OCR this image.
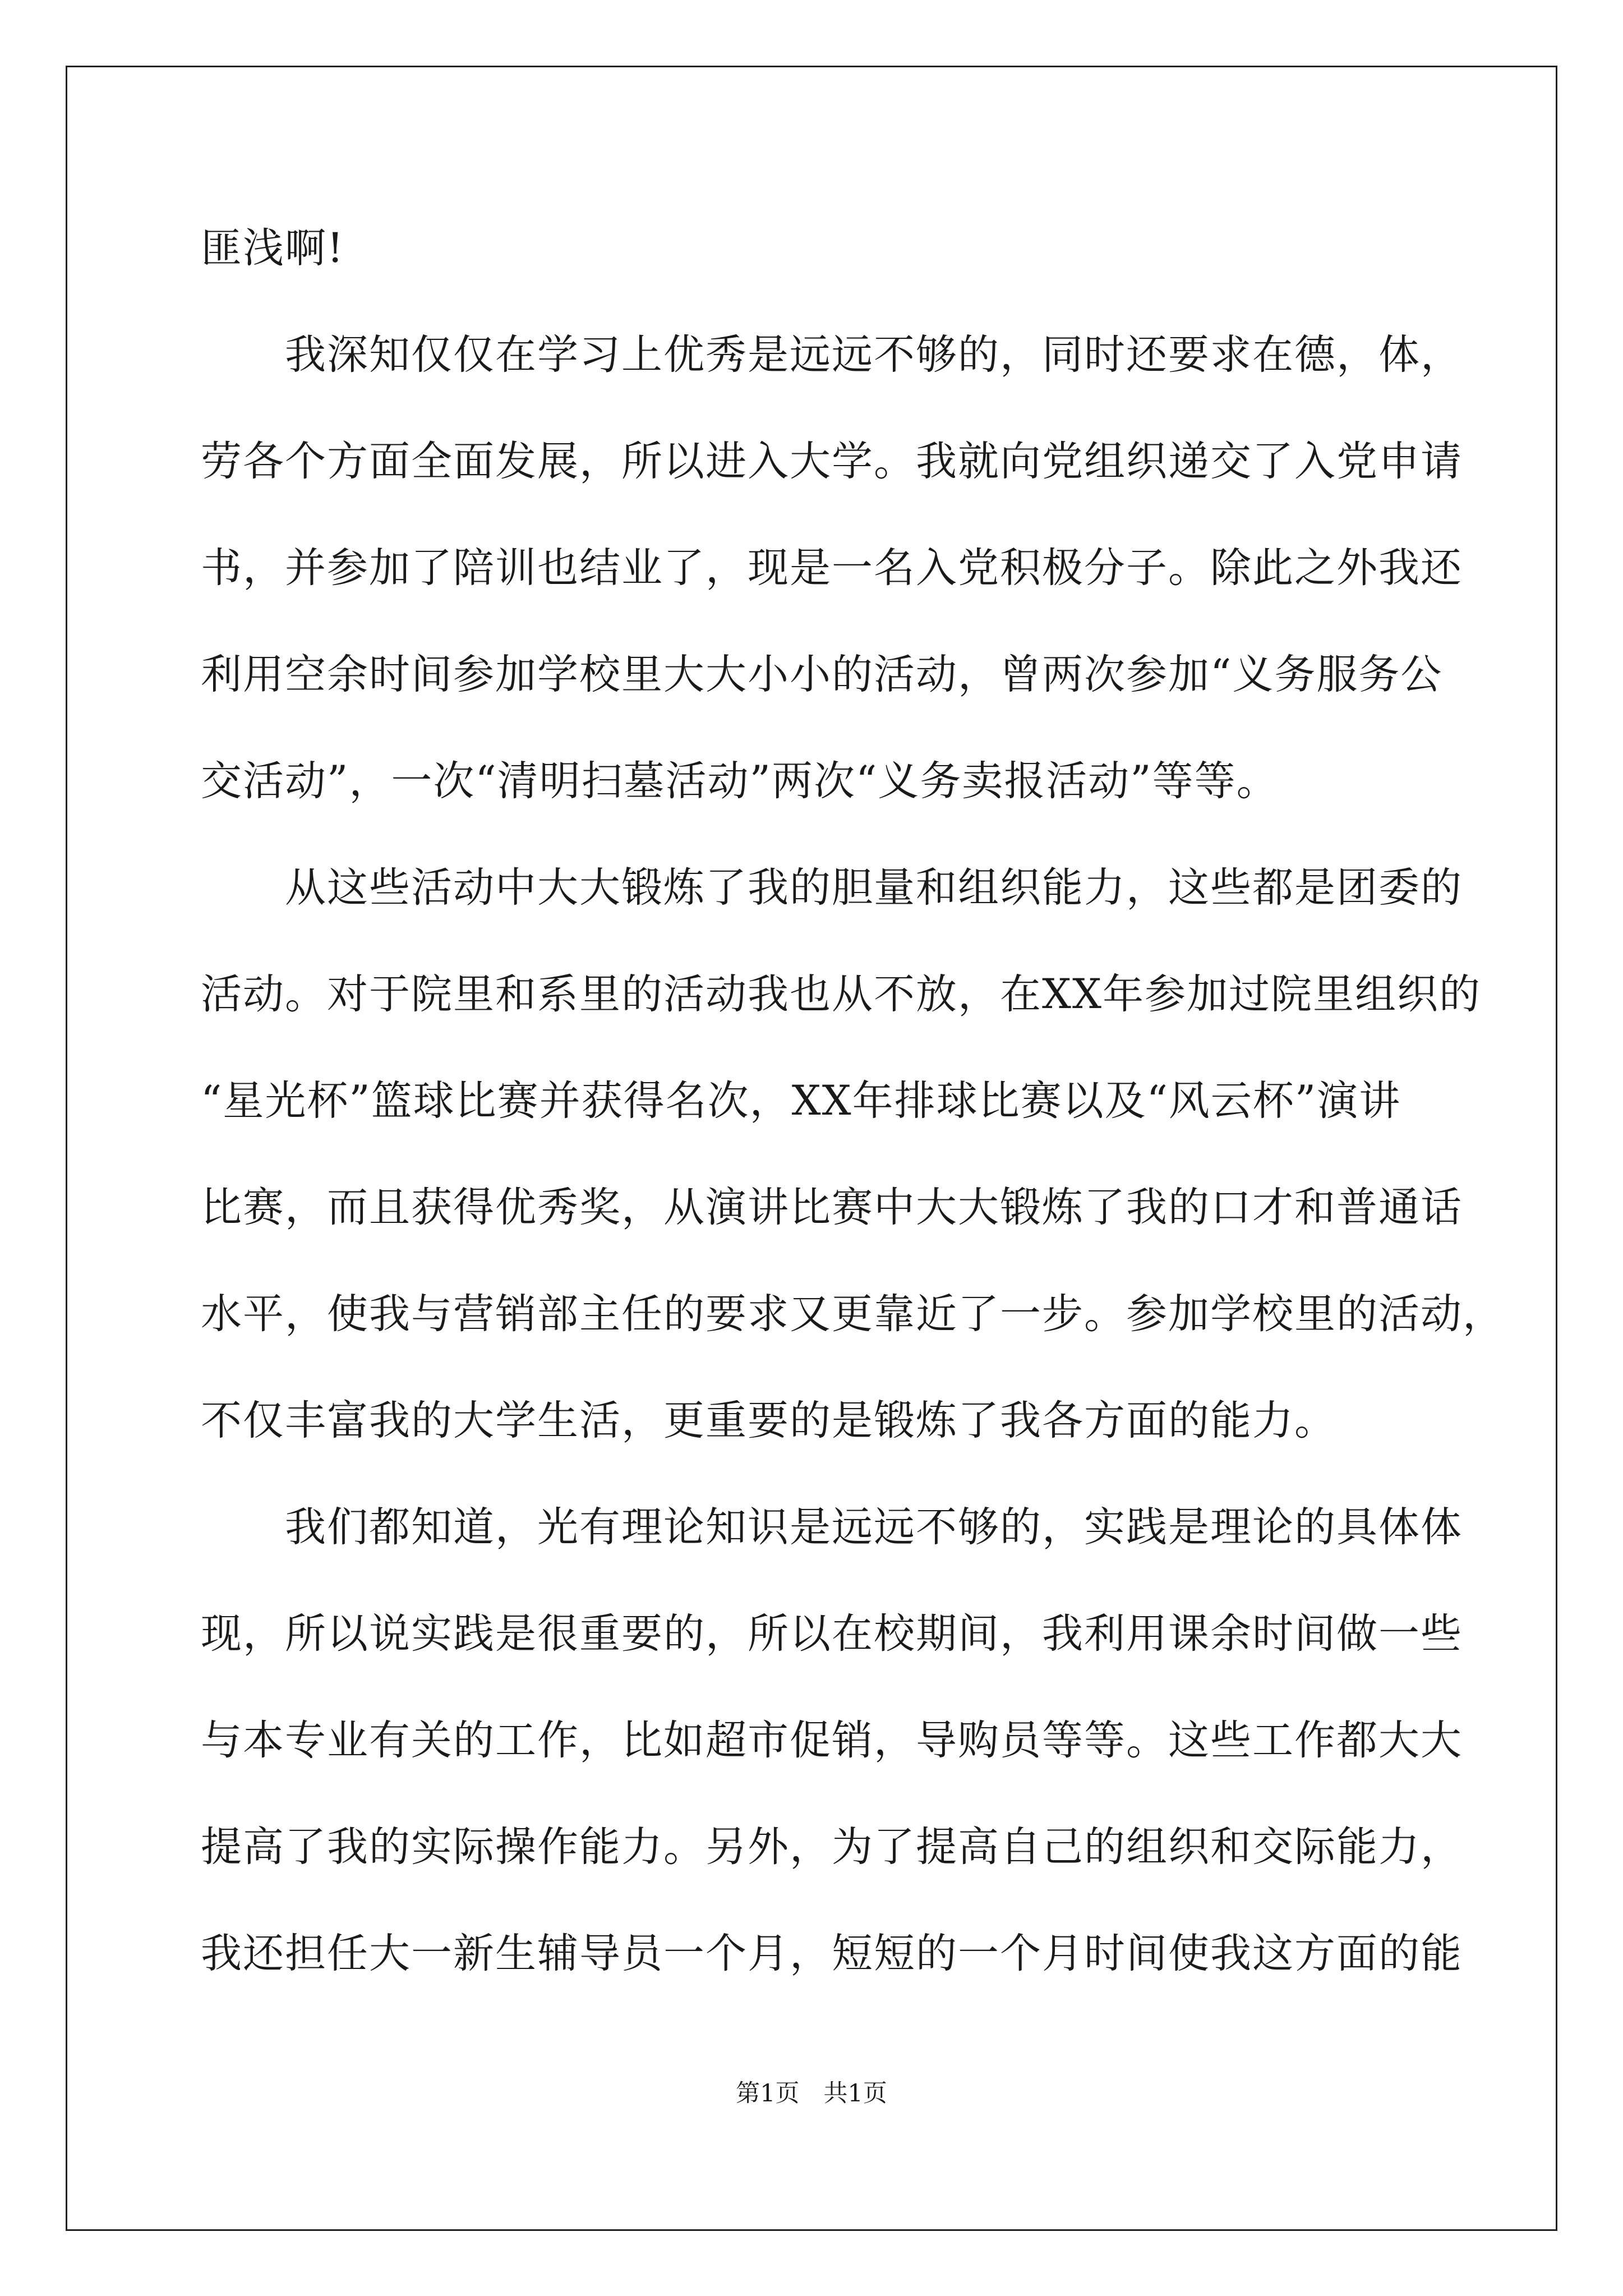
匪浅啊!
　　我深知仅仅在学习上优秀是远远不够的，同时还要求在德，体，
劳各个方面全面发展，所以进入大学。我就向党组织递交了入党申请
书，并参加了陪训也结业了，现是一名入党积极分子。除此之外我还
利用空余时间参加学校里大大小小的活动，曾两次参加“义务服务公
交活动”，一次“清明扫墓活动”两次“义务卖报活动”等等。
　　从这些活动中大大锻炼了我的胆量和组织能力，这些都是团委的
活动。对于院里和系里的活动我也从不放，在XX年参加过院里组织的
“星光杯”篮球比赛并获得名次，XX年排球比赛以及“风云杯”演讲
比赛，而且获得优秀奖，从演讲比赛中大大锻炼了我的口才和普通话
水平，使我与营销部主任的要求又更靠近了一步。参加学校里的活动，
不仅丰富我的大学生活，更重要的是锻炼了我各方面的能力。
　　我们都知道，光有理论知识是远远不够的，实践是理论的具体体
现，所以说实践是很重要的，所以在校期间，我利用课余时间做一些
与本专业有关的工作，比如超市促销，导购员等等。这些工作都大大
提高了我的实际操作能力。另外，为了提高自己的组织和交际能力，
我还担任大一新生辅导员一个月，短短的一个月时间使我这方面的能
第1页　共1页
